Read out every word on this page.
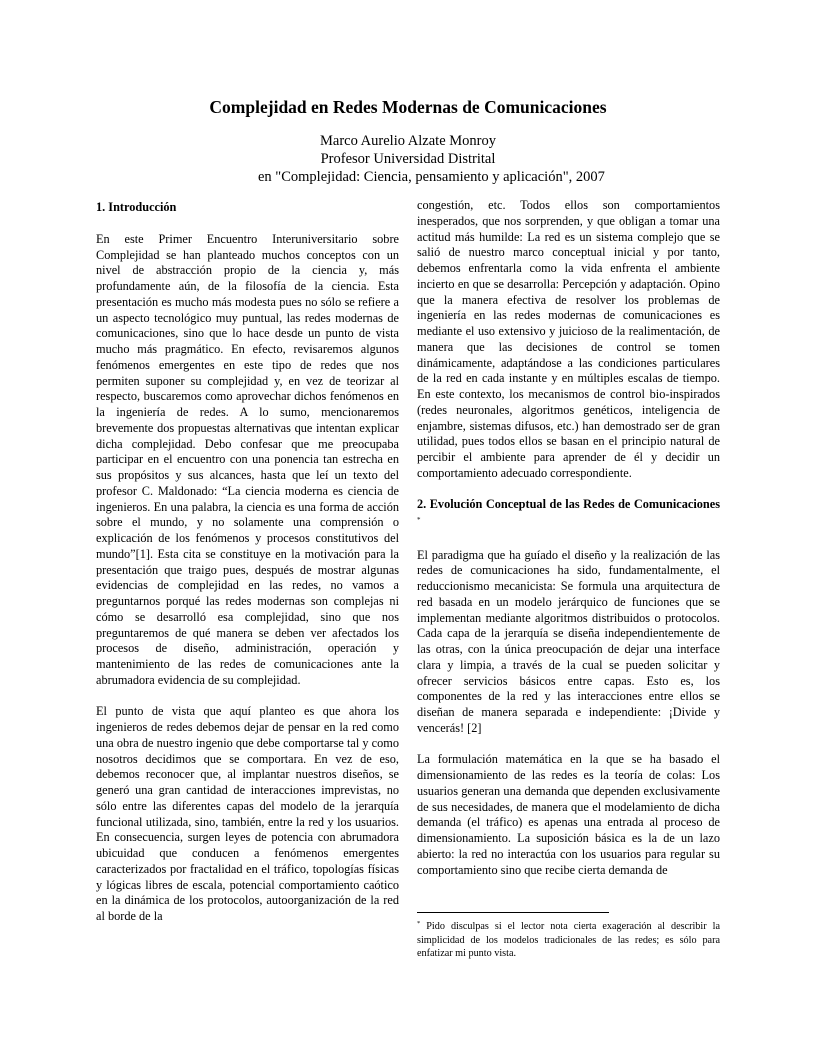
Complejidad en Redes Modernas de Comunicaciones
Marco Aurelio Alzate Monroy
Profesor Universidad Distrital
en "Complejidad: Ciencia, pensamiento y aplicación", 2007
1. Introducción

En este Primer Encuentro Interuniversitario sobre Complejidad se han planteado muchos conceptos con un nivel de abstracción propio de la ciencia y, más profundamente aún, de la filosofía de la ciencia. Esta presentación es mucho más modesta pues no sólo se refiere a un aspecto tecnológico muy puntual, las redes modernas de comunicaciones, sino que lo hace desde un punto de vista mucho más pragmático. En efecto, revisaremos algunos fenómenos emergentes en este tipo de redes que nos permiten suponer su complejidad y, en vez de teorizar al respecto, buscaremos como aprovechar dichos fenómenos en la ingeniería de redes. A lo sumo, mencionaremos brevemente dos propuestas alternativas que intentan explicar dicha complejidad. Debo confesar que me preocupaba participar en el encuentro con una ponencia tan estrecha en sus propósitos y sus alcances, hasta que leí un texto del profesor C. Maldonado: “La ciencia moderna es ciencia de ingenieros. En una palabra, la ciencia es una forma de acción sobre el mundo, y no solamente una comprensión o explicación de los fenómenos y procesos constitutivos del mundo”[1]. Esta cita se constituye en la motivación para la presentación que traigo pues, después de mostrar algunas evidencias de complejidad en las redes, no vamos a preguntarnos porqué las redes modernas son complejas ni cómo se desarrolló esa complejidad, sino que nos preguntaremos de qué manera se deben ver afectados los procesos de diseño, administración, operación y mantenimiento de las redes de comunicaciones ante la abrumadora evidencia de su complejidad.

El punto de vista que aquí planteo es que ahora los ingenieros de redes debemos dejar de pensar en la red como una obra de nuestro ingenio que debe comportarse tal y como nosotros decidimos que se comportara. En vez de eso, debemos reconocer que, al implantar nuestros diseños, se generó una gran cantidad de interacciones imprevistas, no sólo entre las diferentes capas del modelo de la jerarquía funcional utilizada, sino, también, entre la red y los usuarios. En consecuencia, surgen leyes de potencia con abrumadora ubicuidad que conducen a fenómenos emergentes caracterizados por fractalidad en el tráfico, topologías físicas y lógicas libres de escala, potencial comportamiento caótico en la dinámica de los protocolos, autoorganización de la red al borde de la

congestión, etc. Todos ellos son comportamientos inesperados, que nos sorprenden, y que obligan a tomar una actitud más humilde: La red es un sistema complejo que se salió de nuestro marco conceptual inicial y por tanto, debemos enfrentarla como la vida enfrenta el ambiente incierto en que se desarrolla: Percepción y adaptación. Opino que la manera efectiva de resolver los problemas de ingeniería en las redes modernas de comunicaciones es mediante el uso extensivo y juicioso de la realimentación, de manera que las decisiones de control se tomen dinámicamente, adaptándose a las condiciones particulares de la red en cada instante y en múltiples escalas de tiempo. En este contexto, los mecanismos de control bio-inspirados (redes neuronales, algoritmos genéticos, inteligencia de enjambre, sistemas difusos, etc.) han demostrado ser de gran utilidad, pues todos ellos se basan en el principio natural de percibir el ambiente para aprender de él y decidir un comportamiento adecuado correspondiente.

2. Evolución Conceptual de las Redes de Comunicaciones *

El paradigma que ha guíado el diseño y la realización de las redes de comunicaciones ha sido, fundamentalmente, el reduccionismo mecanicista: Se formula una arquitectura de red basada en un modelo jerárquico de funciones que se implementan mediante algoritmos distribuidos o protocolos. Cada capa de la jerarquía se diseña independientemente de las otras, con la única preocupación de dejar una interface clara y limpia, a través de la cual se pueden solicitar y ofrecer servicios básicos entre capas. Esto es, los componentes de la red y las interacciones entre ellos se diseñan de manera separada e independiente: ¡Divide y vencerás! [2]

La formulación matemática en la que se ha basado el dimensionamiento de las redes es la teoría de colas: Los usuarios generan una demanda que dependen exclusivamente de sus necesidades, de manera que el modelamiento de dicha demanda (el tráfico) es apenas una entrada al proceso de dimensionamiento. La suposición básica es la de un lazo abierto: la red no interactúa con los usuarios para regular su comportamiento sino que recibe cierta demanda de

* Pido disculpas si el lector nota cierta exageración al describir la simplicidad de los modelos tradicionales de las redes; es sólo para enfatizar mi punto vista.
